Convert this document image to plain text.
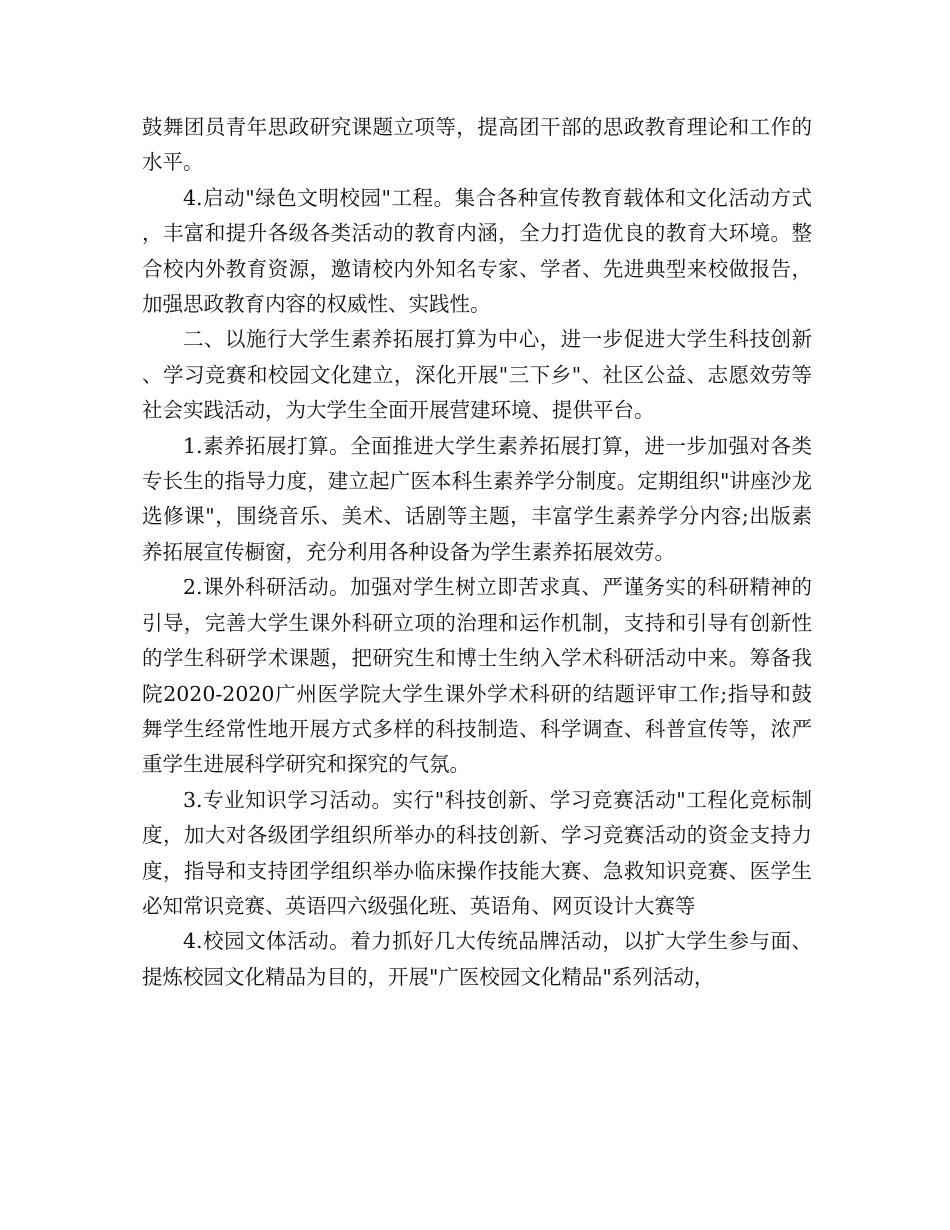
鼓舞团员青年思政研究课题立项等，提高团干部的思政教育理论和工作的水平。

4.启动"绿色文明校园"工程。集合各种宣传教育载体和文化活动方式，丰富和提升各级各类活动的教育内涵，全力打造优良的教育大环境。整合校内外教育资源，邀请校内外知名专家、学者、先进典型来校做报告，加强思政教育内容的权威性、实践性。

二、以施行大学生素养拓展打算为中心，进一步促进大学生科技创新、学习竞赛和校园文化建立，深化开展"三下乡"、社区公益、志愿效劳等社会实践活动，为大学生全面开展营建环境、提供平台。

1.素养拓展打算。全面推进大学生素养拓展打算，进一步加强对各类专长生的指导力度，建立起广医本科生素养学分制度。定期组织"讲座沙龙选修课"，围绕音乐、美术、话剧等主题，丰富学生素养学分内容;出版素养拓展宣传橱窗，充分利用各种设备为学生素养拓展效劳。

2.课外科研活动。加强对学生树立即苦求真、严谨务实的科研精神的引导，完善大学生课外科研立项的治理和运作机制，支持和引导有创新性的学生科研学术课题，把研究生和博士生纳入学术科研活动中来。筹备我院2020-2020广州医学院大学生课外学术科研的结题评审工作;指导和鼓舞学生经常性地开展方式多样的科技制造、科学调查、科普宣传等，浓严重学生进展科学研究和探究的气氛。

3.专业知识学习活动。实行"科技创新、学习竞赛活动"工程化竞标制度，加大对各级团学组织所举办的科技创新、学习竞赛活动的资金支持力度，指导和支持团学组织举办临床操作技能大赛、急救知识竞赛、医学生必知常识竞赛、英语四六级强化班、英语角、网页设计大赛等

4.校园文体活动。着力抓好几大传统品牌活动，以扩大学生参与面、提炼校园文化精品为目的，开展"广医校园文化精品"系列活动，
